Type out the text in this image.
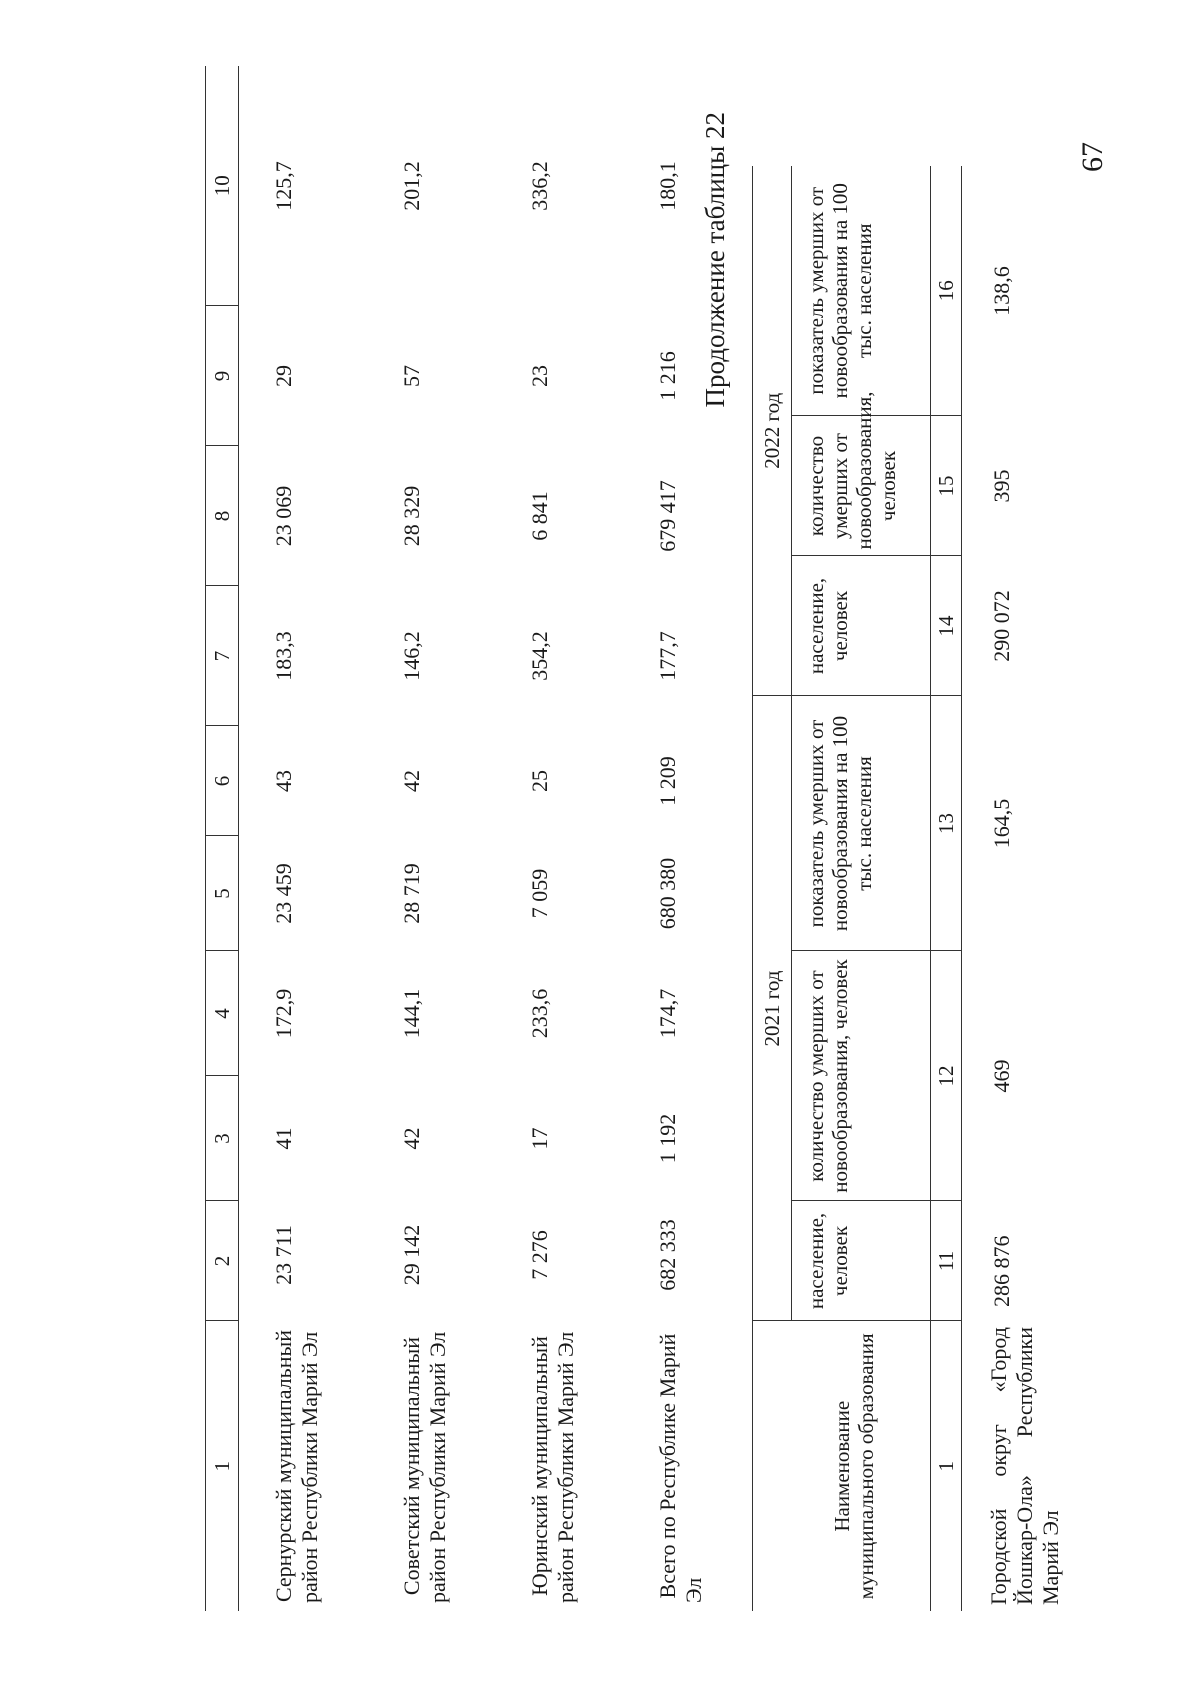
67
1	2	3	4	5	6	7	8	9	10
Сернурский муниципальный район Республики Марий Эл	23 711	41	172,9	23 459	43	183,3	23 069	29	125,7
Советский муниципальный район Республики Марий Эл	29 142	42	144,1	28 719	42	146,2	28 329	57	201,2
Юринский муниципальный район Республики Марий Эл	7 276	17	233,6	7 059	25	354,2	6 841	23	336,2
Всего по Республике Марий Эл	682 333	1 192	174,7	680 380	1 209	177,7	679 417	1 216	180,1 Продолжение таблицы 22
Наименование муниципального образования	2021 год			2022 год		
	население, человек	количество умерших от новообразования, человек	показатель умерших от новообразования на 100 тыс. населения	население, человек	количество умерших от новообразования, человек	показатель умерших от новообразования на 100 тыс. населения
1	11	12	13	14	15	16
Городской округ «Город Йошкар-Ола» Республики Марий Эл	286 876	469	164,5	290 072	395	138,6
